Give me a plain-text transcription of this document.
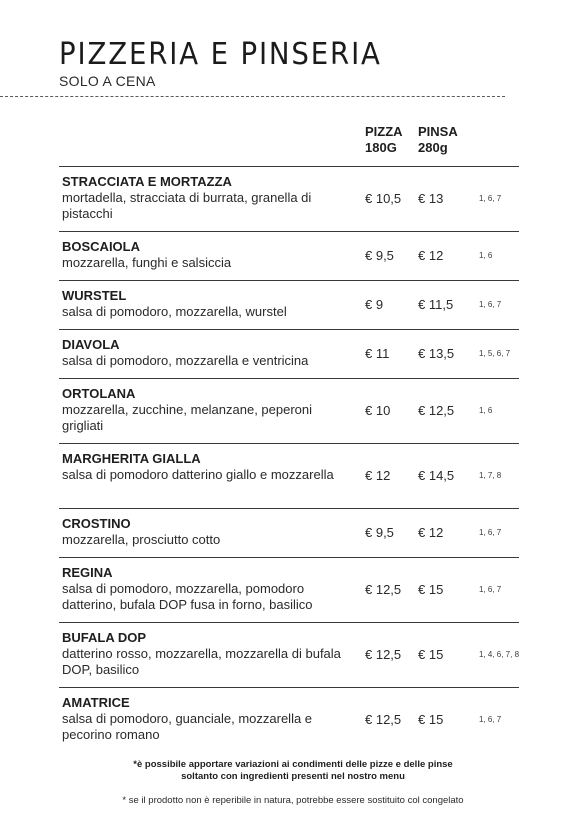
PIZZERIA E PINSERIA
SOLO A CENA
PIZZA
180G
PINSA
280g
STRACCIATA E MORTAZZA
mortadella, stracciata di burrata, granella di pistacchi
€ 10,5 € 13	1, 6, 7
BOSCAIOLA
mozzarella, funghi e salsiccia	€ 9,5 € 12	1, 6
WURSTEL
salsa di pomodoro, mozzarella, wurstel	€ 9	€ 11,5	1, 6, 7
DIAVOLA
salsa di pomodoro, mozzarella e ventricina	€ 11 € 13,5	1, 5, 6, 7
ORTOLANA
mozzarella, zucchine, melanzane, peperoni grigliati
€ 10 € 12,5	1, 6
MARGHERITA GIALLA
salsa di pomodoro datterino giallo e mozzarella	€ 12 € 14,5	1, 7, 8
CROSTINO
mozzarella, prosciutto cotto	€ 9,5 € 12	1, 6, 7
REGINA
salsa di pomodoro, mozzarella, pomodoro datterino, bufala DOP fusa in forno, basilico
€ 12,5 € 15	1, 6, 7
BUFALA DOP
datterino rosso, mozzarella, mozzarella di bufala DOP, basilico
€ 12,5 € 15	1, 4, 6, 7, 8
AMATRICE
salsa di pomodoro, guanciale, mozzarella e pecorino romano
€ 12,5 € 15	1, 6, 7
*è possibile apportare variazioni ai condimenti delle pizze e delle pinse
soltanto con ingredienti presenti nel nostro menu
* se il prodotto non è reperibile in natura, potrebbe essere sostituito col congelato
